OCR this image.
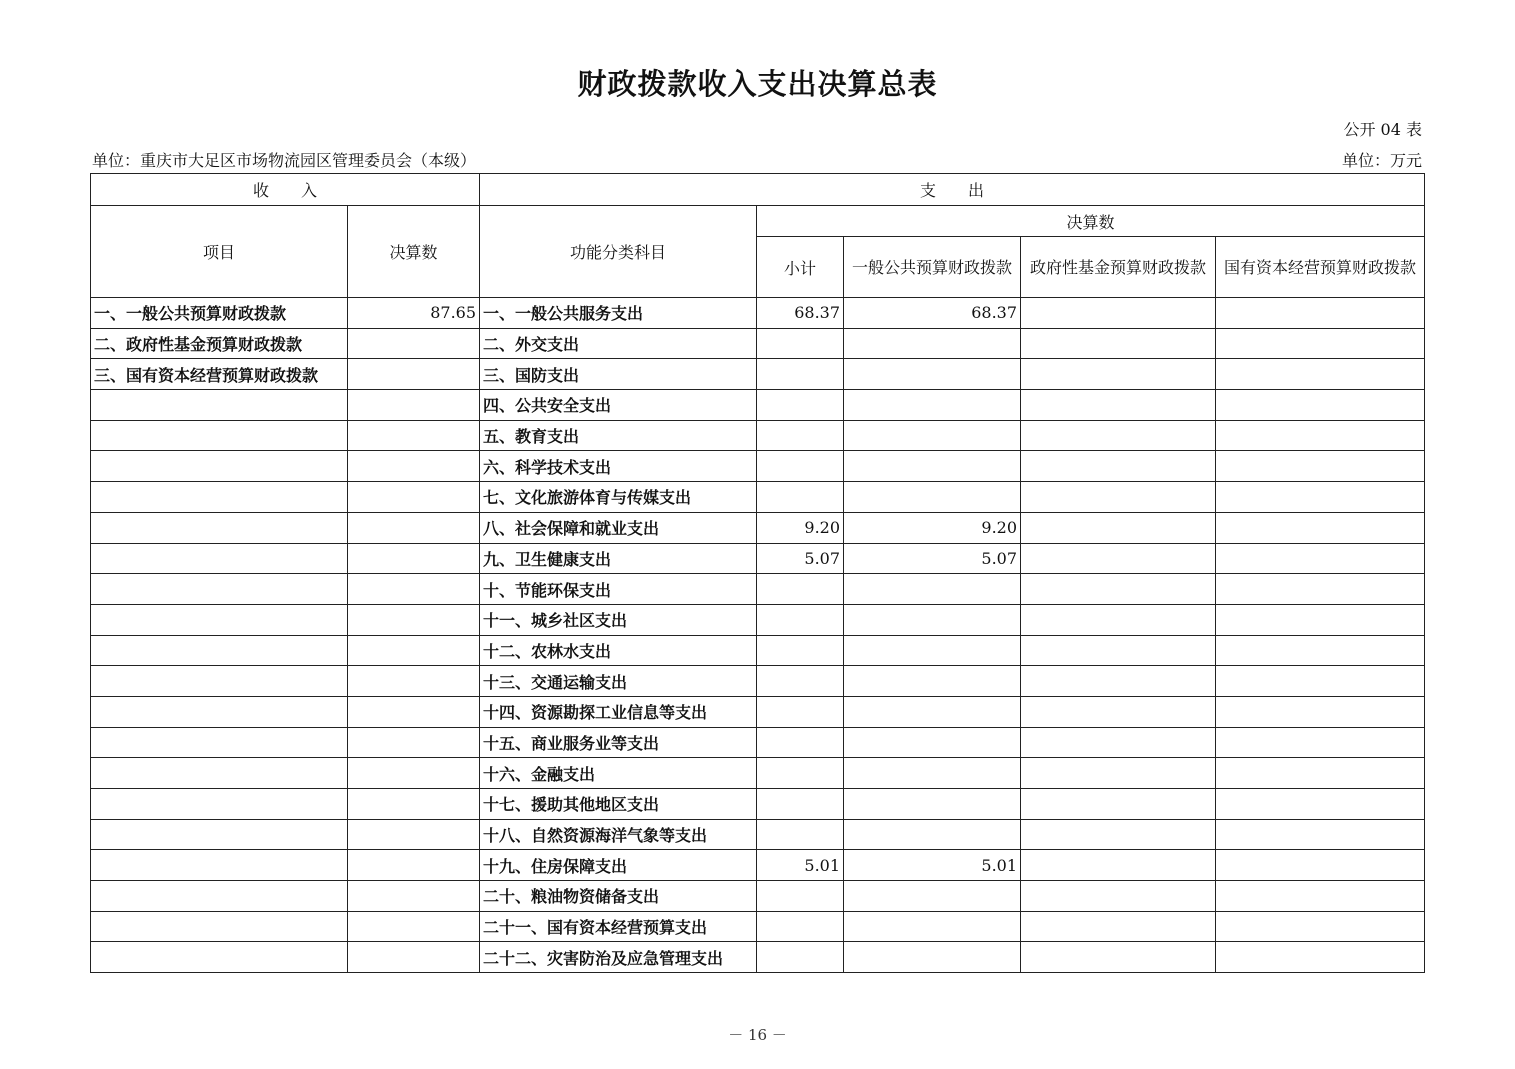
财政拨款收入支出决算总表
公开 04 表
单位：重庆市大足区市场物流园区管理委员会（本级）	单位：万元
收　　入		支　　出				
项目	决算数	功能分类科目	决算数			
			小计	一般公共预算财政拨款	政府性基金预算财政拨款	国有资本经营预算财政拨款
一、一般公共预算财政拨款	87.65	一、一般公共服务支出	68.37	68.37		
二、政府性基金预算财政拨款		二、外交支出				
三、国有资本经营预算财政拨款		三、国防支出				
		四、公共安全支出				
		五、教育支出				
		六、科学技术支出				
		七、文化旅游体育与传媒支出				
		八、社会保障和就业支出	9.20	9.20		
		九、卫生健康支出	5.07	5.07		
		十、节能环保支出				
		十一、城乡社区支出				
		十二、农林水支出				
		十三、交通运输支出				
		十四、资源勘探工业信息等支出				
		十五、商业服务业等支出				
		十六、金融支出				
		十七、援助其他地区支出				
		十八、自然资源海洋气象等支出				
		十九、住房保障支出	5.01	5.01		
		二十、粮油物资储备支出				
		二十一、国有资本经营预算支出				
		二十二、灾害防治及应急管理支出				
－ 16 －
